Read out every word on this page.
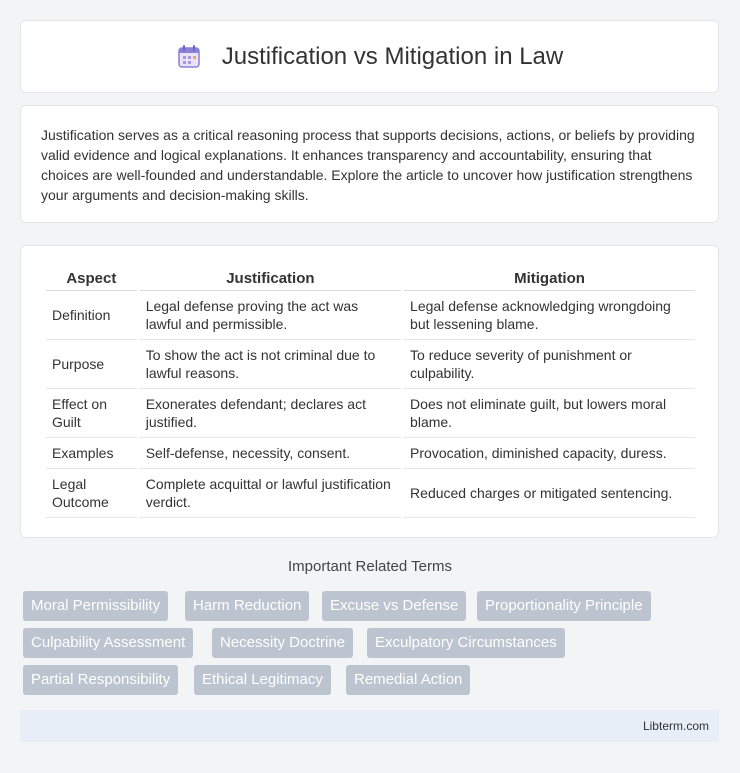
Justification vs Mitigation in Law

Justification serves as a critical reasoning process that supports decisions, actions, or beliefs by providing valid evidence and logical explanations. It enhances transparency and accountability, ensuring that choices are well-founded and understandable. Explore the article to uncover how justification strengthens your arguments and decision-making skills.

Aspect	Justification	Mitigation
Definition	Legal defense proving the act was lawful and permissible.	Legal defense acknowledging wrongdoing but lessening blame.
Purpose	To show the act is not criminal due to lawful reasons.	To reduce severity of punishment or culpability.
Effect on Guilt	Exonerates defendant; declares act justified.	Does not eliminate guilt, but lowers moral blame.
Examples	Self-defense, necessity, consent.	Provocation, diminished capacity, duress.
Legal Outcome	Complete acquittal or lawful justification verdict.	Reduced charges or mitigated sentencing.
Important Related Terms
Moral Permissibility	Harm Reduction	Excuse vs Defense	Proportionality Principle
Culpability Assessment	Necessity Doctrine	Exculpatory Circumstances
Partial Responsibility	Ethical Legitimacy	Remedial Action
Libterm.com
